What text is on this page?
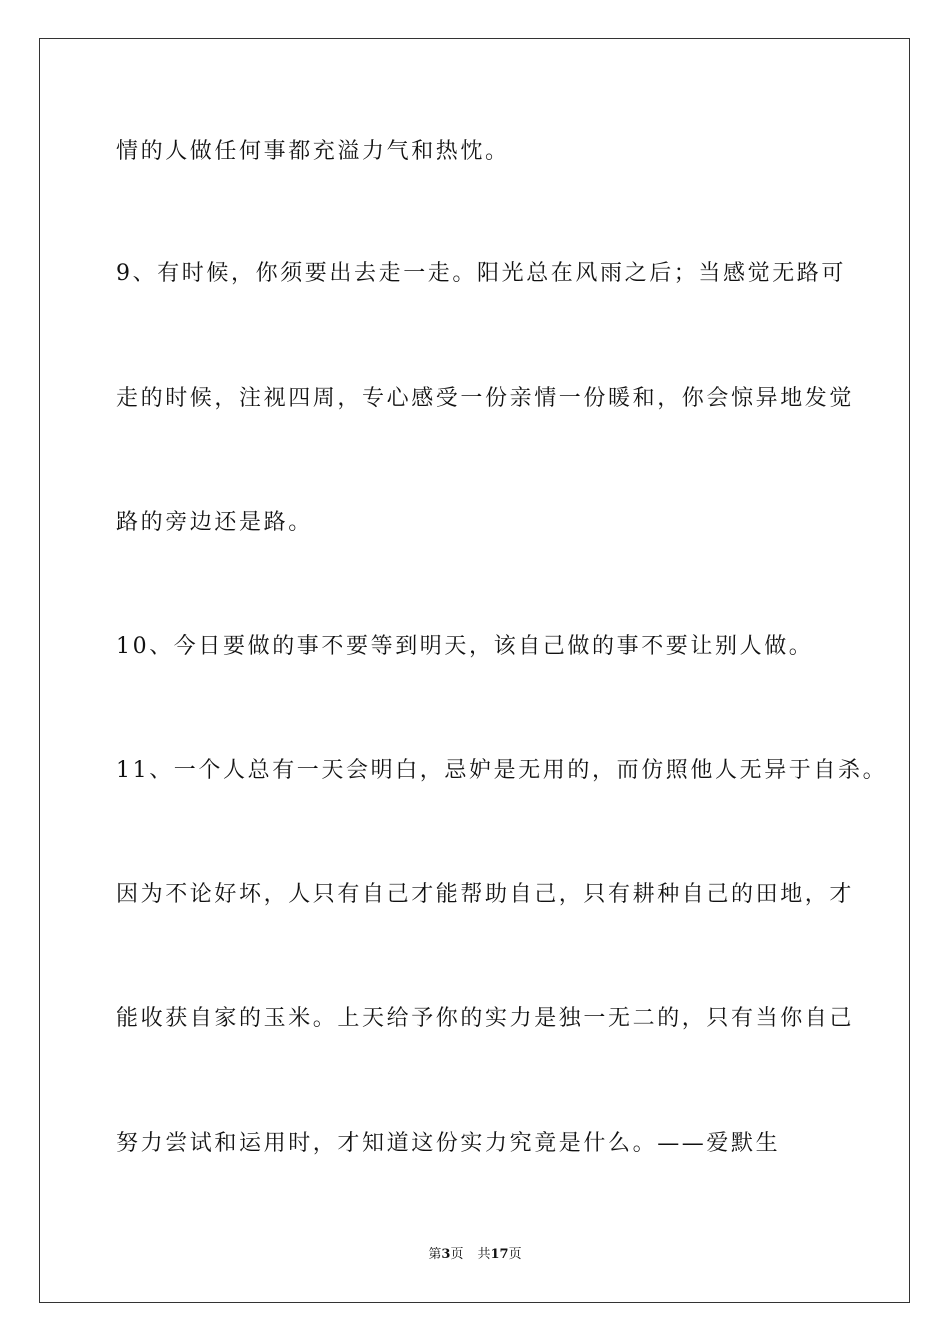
情的人做任何事都充溢力气和热忱。
9、有时候，你须要出去走一走。阳光总在风雨之后；当感觉无路可
走的时候，注视四周，专心感受一份亲情一份暖和，你会惊异地发觉
路的旁边还是路。
10、今日要做的事不要等到明天，该自己做的事不要让别人做。
11、一个人总有一天会明白，忌妒是无用的，而仿照他人无异于自杀。
因为不论好坏，人只有自己才能帮助自己，只有耕种自己的田地，才
能收获自家的玉米。上天给予你的实力是独一无二的，只有当你自己
努力尝试和运用时，才知道这份实力究竟是什么。——爱默生
第3页 共17页
